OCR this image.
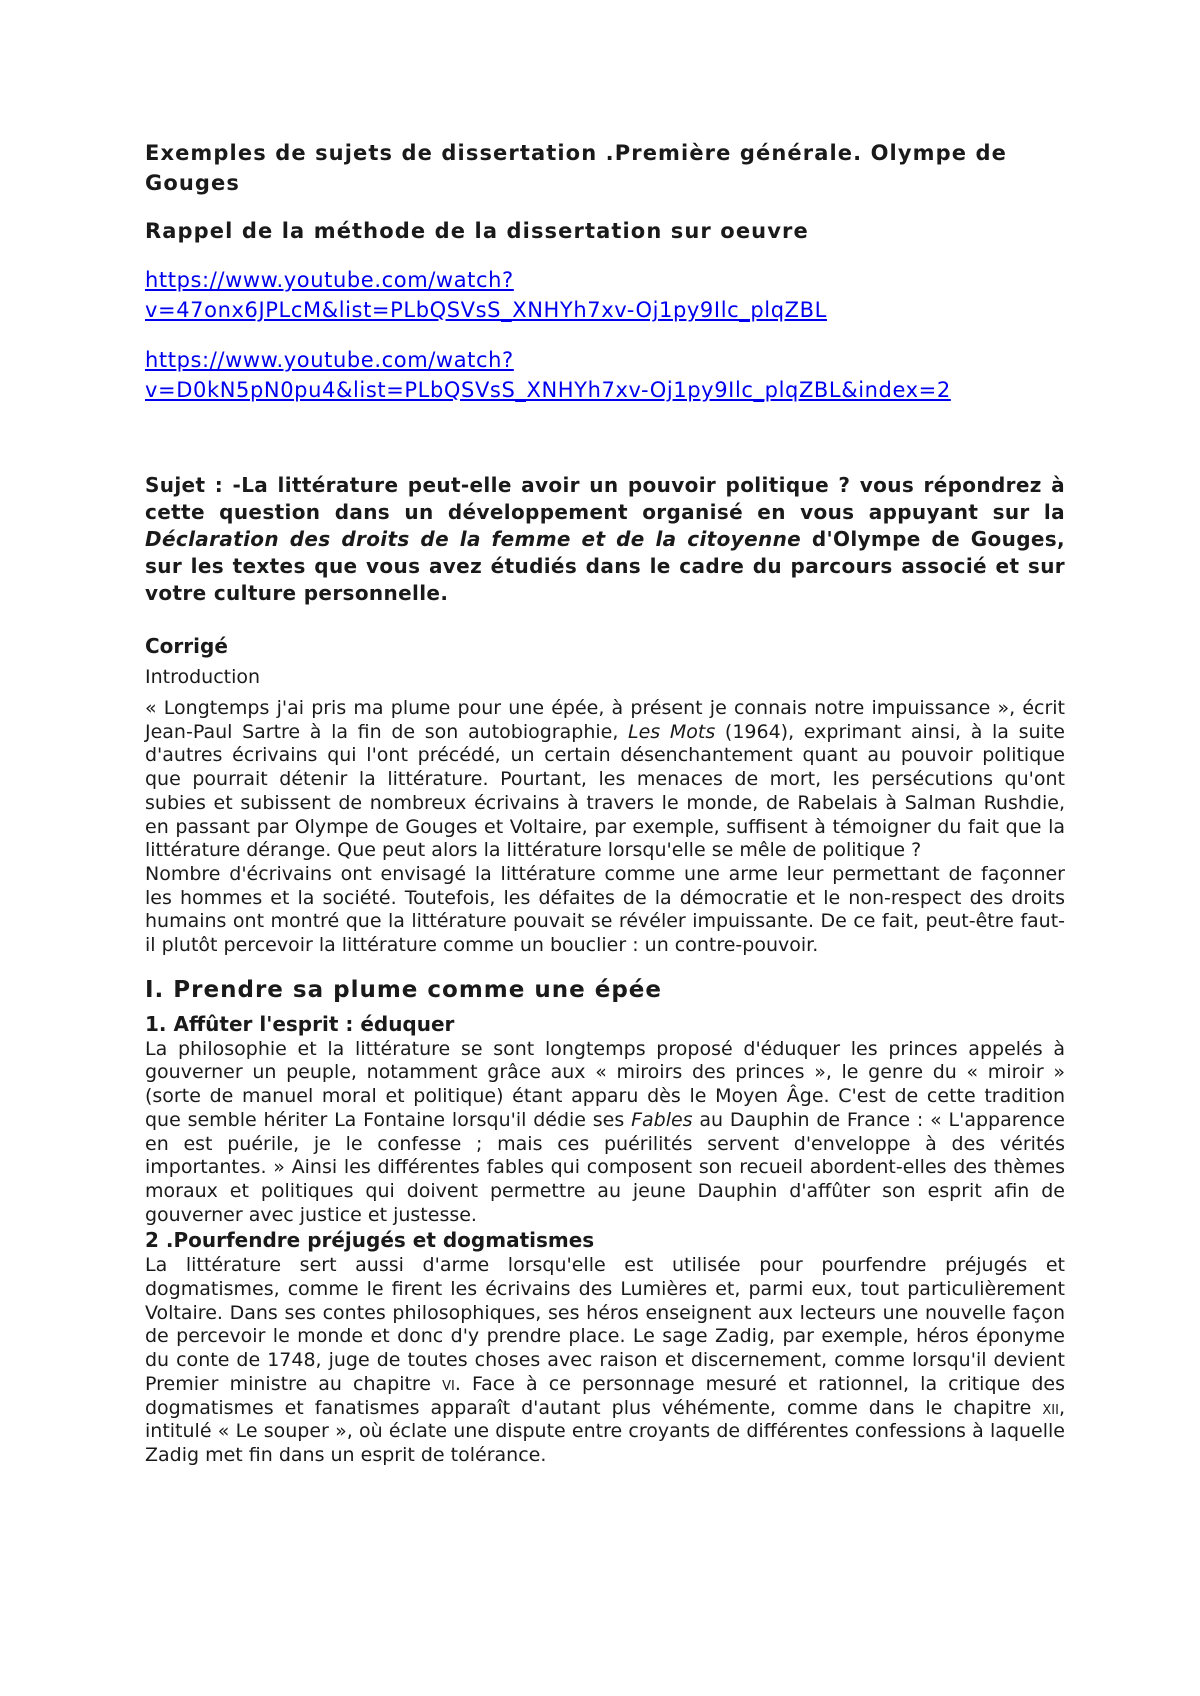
Exemples de sujets de dissertation .Première générale. Olympe de Gouges

Rappel de la méthode de la dissertation sur oeuvre

https://www.youtube.com/watch?
v=47onx6JPLcM&list=PLbQSVsS_XNHYh7xv-Oj1py9Ilc_plqZBL
https://www.youtube.com/watch?
v=D0kN5pN0pu4&list=PLbQSVsS_XNHYh7xv-Oj1py9Ilc_plqZBL&index=2

Sujet : -La littérature peut-elle avoir un pouvoir politique ? vous répondrez à cette question dans un développement organisé en vous appuyant sur la Déclaration des droits de la femme et de la citoyenne d'Olympe de Gouges, sur les textes que vous avez étudiés dans le cadre du parcours associé et sur votre culture personnelle.

Corrigé
Introduction

« Longtemps j'ai pris ma plume pour une épée, à présent je connais notre impuissance », écrit Jean-Paul Sartre à la fin de son autobiographie, Les Mots (1964), exprimant ainsi, à la suite d'autres écrivains qui l'ont précédé, un certain désenchantement quant au pouvoir politique que pourrait détenir la littérature. Pourtant, les menaces de mort, les persécutions qu'ont subies et subissent de nombreux écrivains à travers le monde, de Rabelais à Salman Rushdie, en passant par Olympe de Gouges et Voltaire, par exemple, suffisent à témoigner du fait que la littérature dérange. Que peut alors la littérature lorsqu'elle se mêle de politique ?

Nombre d'écrivains ont envisagé la littérature comme une arme leur permettant de façonner les hommes et la société. Toutefois, les défaites de la démocratie et le non-respect des droits humains ont montré que la littérature pouvait se révéler impuissante. De ce fait, peut-être faut-il plutôt percevoir la littérature comme un bouclier : un contre-pouvoir.

I. Prendre sa plume comme une épée
1. Affûter l'esprit : éduquer

La philosophie et la littérature se sont longtemps proposé d'éduquer les princes appelés à gouverner un peuple, notamment grâce aux « miroirs des princes », le genre du « miroir » (sorte de manuel moral et politique) étant apparu dès le Moyen Âge. C'est de cette tradition que semble hériter La Fontaine lorsqu'il dédie ses Fables au Dauphin de France : « L'apparence en est puérile, je le confesse ; mais ces puérilités servent d'enveloppe à des vérités importantes. » Ainsi les différentes fables qui composent son recueil abordent-elles des thèmes moraux et politiques qui doivent permettre au jeune Dauphin d'affûter son esprit afin de gouverner avec justice et justesse.

2 .Pourfendre préjugés et dogmatismes

La littérature sert aussi d'arme lorsqu'elle est utilisée pour pourfendre préjugés et dogmatismes, comme le firent les écrivains des Lumières et, parmi eux, tout particulièrement Voltaire. Dans ses contes philosophiques, ses héros enseignent aux lecteurs une nouvelle façon de percevoir le monde et donc d'y prendre place. Le sage Zadig, par exemple, héros éponyme du conte de 1748, juge de toutes choses avec raison et discernement, comme lorsqu'il devient Premier ministre au chapitre vi. Face à ce personnage mesuré et rationnel, la critique des dogmatismes et fanatismes apparaît d'autant plus véhémente, comme dans le chapitre xii, intitulé « Le souper », où éclate une dispute entre croyants de différentes confessions à laquelle Zadig met fin dans un esprit de tolérance.
